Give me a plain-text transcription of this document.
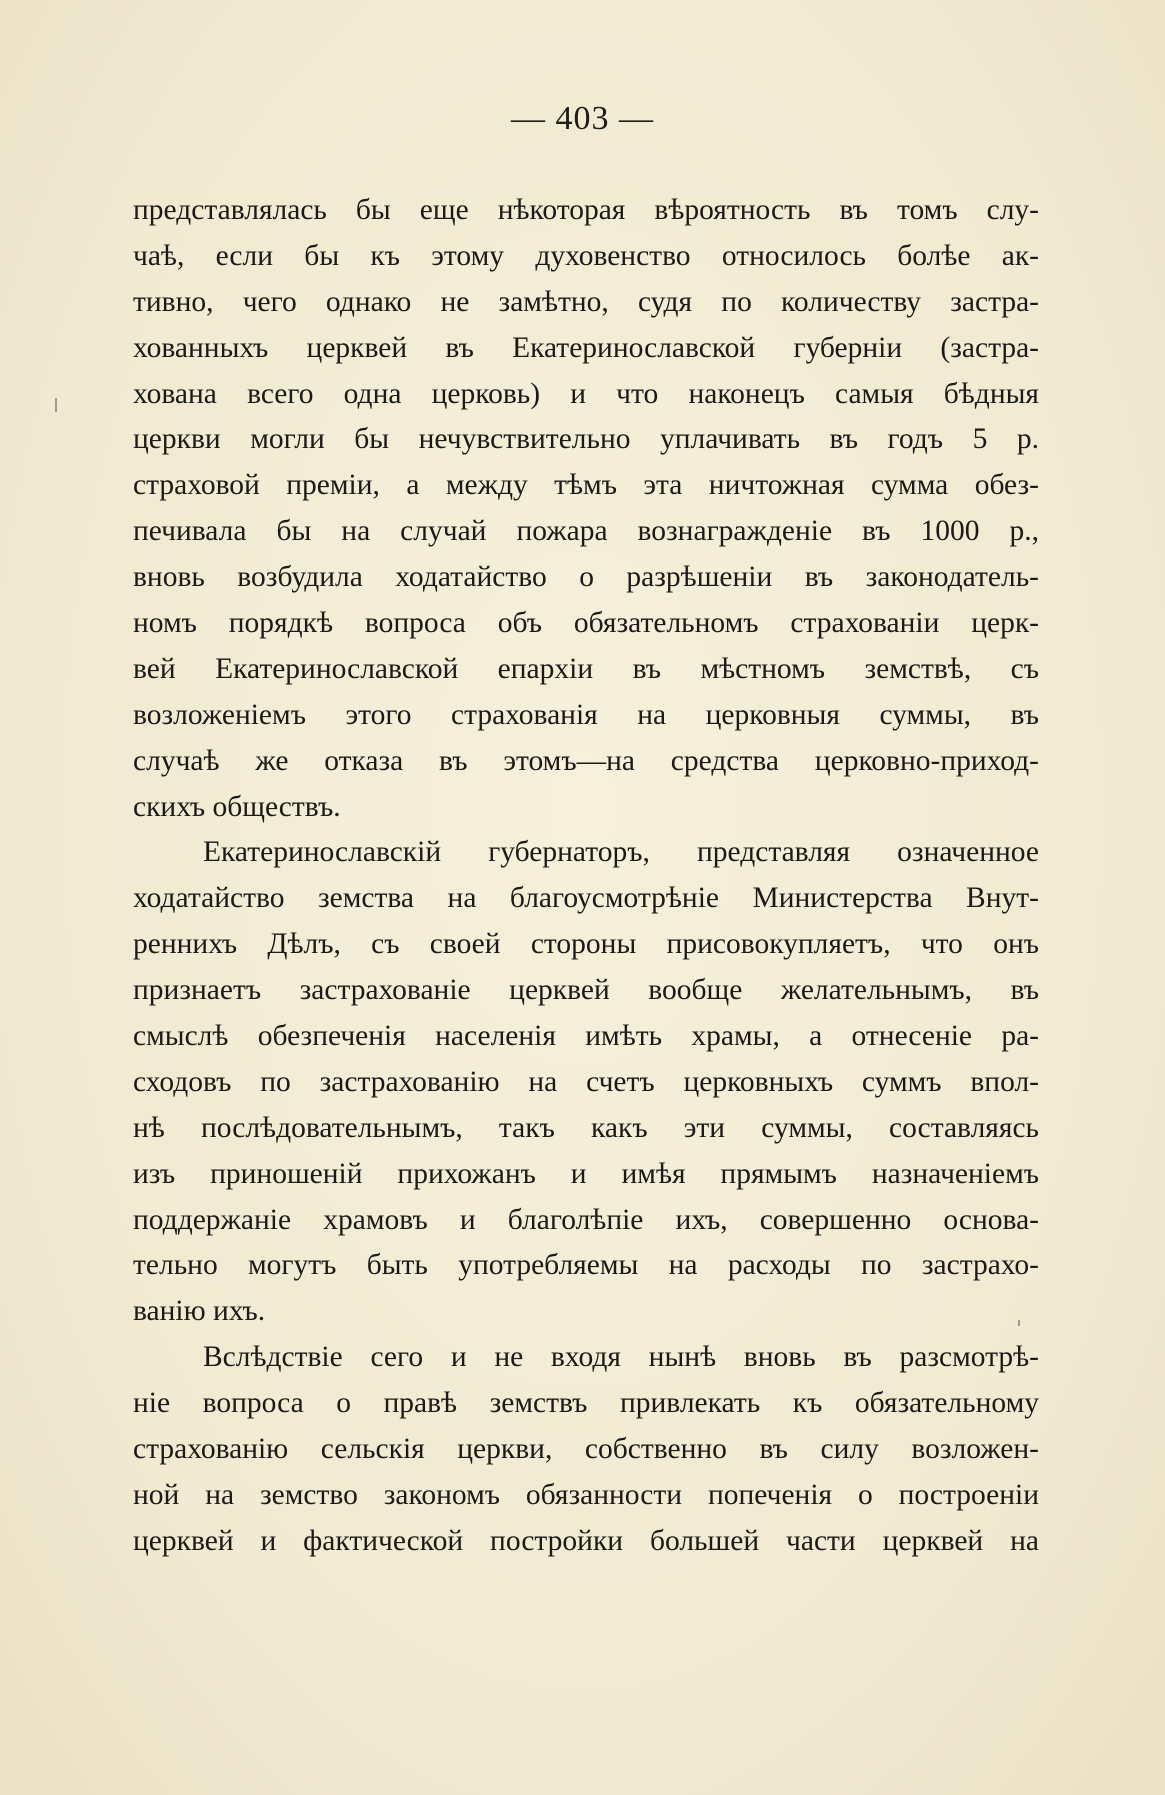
— 403 —
представлялась бы еще нѣкоторая вѣроятность въ томъ слу-
чаѣ, если бы къ этому духовенство относилось болѣе ак-
тивно, чего однако не замѣтно, судя по количеству застра-
хованныхъ церквей въ Екатеринославской губерніи (застра-
хована всего одна церковь) и что наконецъ самыя бѣдныя
церкви могли бы нечувствительно уплачивать въ годъ 5 р.
страховой преміи, а между тѣмъ эта ничтожная сумма обез-
печивала бы на случай пожара вознагражденіе въ 1000 р.,
вновь возбудила ходатайство о разрѣшеніи въ законодатель-
номъ порядкѣ вопроса объ обязательномъ страхованіи церк-
вей Екатеринославской епархіи въ мѣстномъ земствѣ, съ
возложеніемъ этого страхованія на церковныя суммы, въ
случаѣ же отказа въ этомъ—на средства церковно-приход-
скихъ обществъ.
Екатеринославскій губернаторъ, представляя означенное
ходатайство земства на благоусмотрѣніе Министерства Внут-
реннихъ Дѣлъ, съ своей стороны присовокупляетъ, что онъ
признаетъ застрахованіе церквей вообще желательнымъ, въ
смыслѣ обезпеченія населенія имѣть храмы, а отнесеніе ра-
сходовъ по застрахованію на счетъ церковныхъ суммъ впол-
нѣ послѣдовательнымъ, такъ какъ эти суммы, составляясь
изъ приношеній прихожанъ и имѣя прямымъ назначеніемъ
поддержаніе храмовъ и благолѣпіе ихъ, совершенно основа-
тельно могутъ быть употребляемы на расходы по застрахо-
ванію ихъ.
Вслѣдствіе сего и не входя нынѣ вновь въ разсмотрѣ-
ніе вопроса о правѣ земствъ привлекать къ обязательному
страхованію сельскія церкви, собственно въ силу возложен-
ной на земство закономъ обязанности попеченія о построеніи
церквей и фактической постройки большей части церквей на
